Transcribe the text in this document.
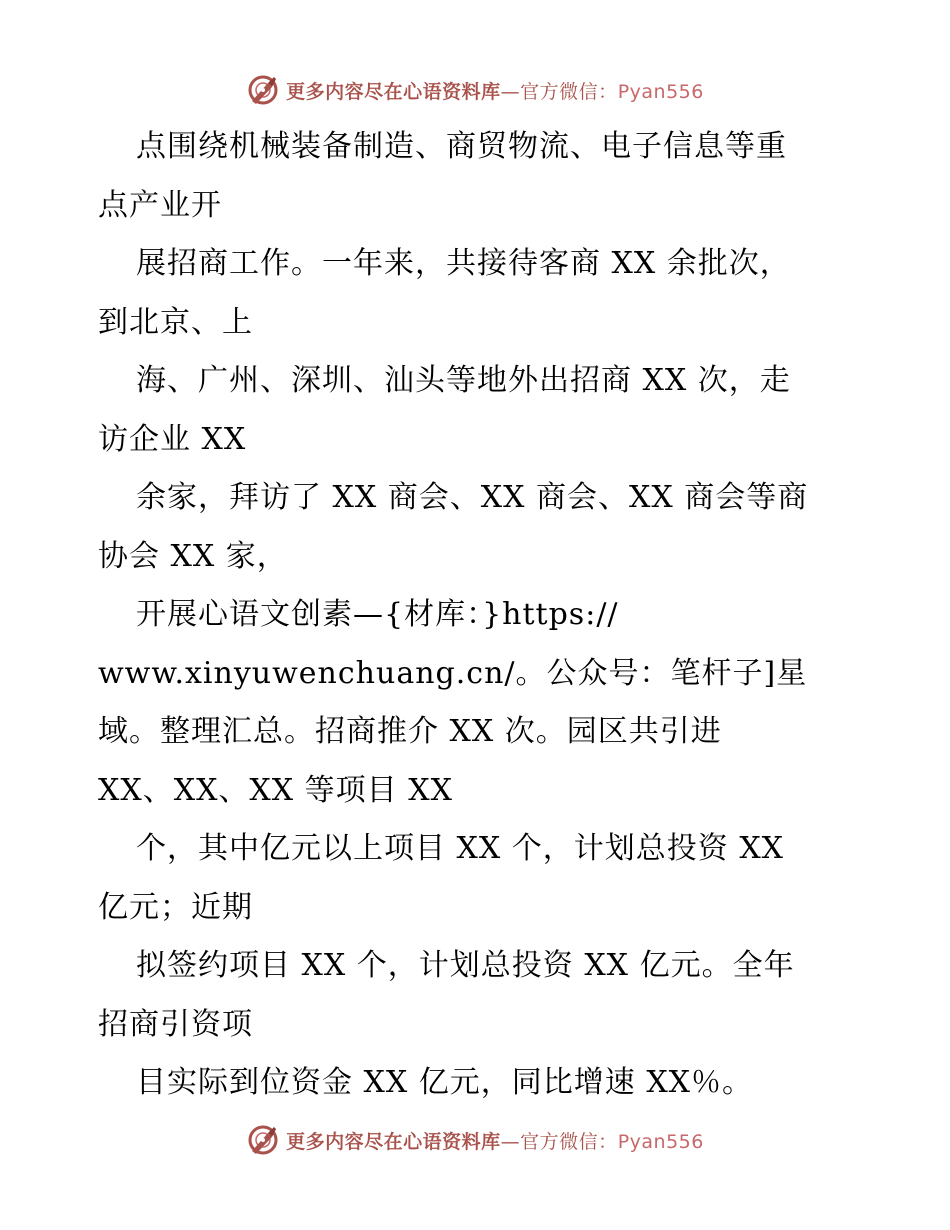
更多内容尽在心语资料库—官方微信：Pyan556
点围绕机械装备制造、商贸物流、电子信息等重
点产业开
展招商工作。一年来，共接待客商 XX 余批次，
到北京、上
海、广州、深圳、汕头等地外出招商 XX 次，走
访企业 XX
余家，拜访了 XX 商会、XX 商会、XX 商会等商
协会 XX 家，
开展心语文创素—{材库：}https://
www.xinyuwenchuang.cn/。公众号：笔杆子]星
域。整理汇总。招商推介 XX 次。园区共引进
XX、XX、XX 等项目 XX
个，其中亿元以上项目 XX 个，计划总投资 XX
亿元；近期
拟签约项目 XX 个，计划总投资 XX 亿元。全年
招商引资项
目实际到位资金 XX 亿元，同比增速 XX％。
更多内容尽在心语资料库—官方微信：Pyan556
